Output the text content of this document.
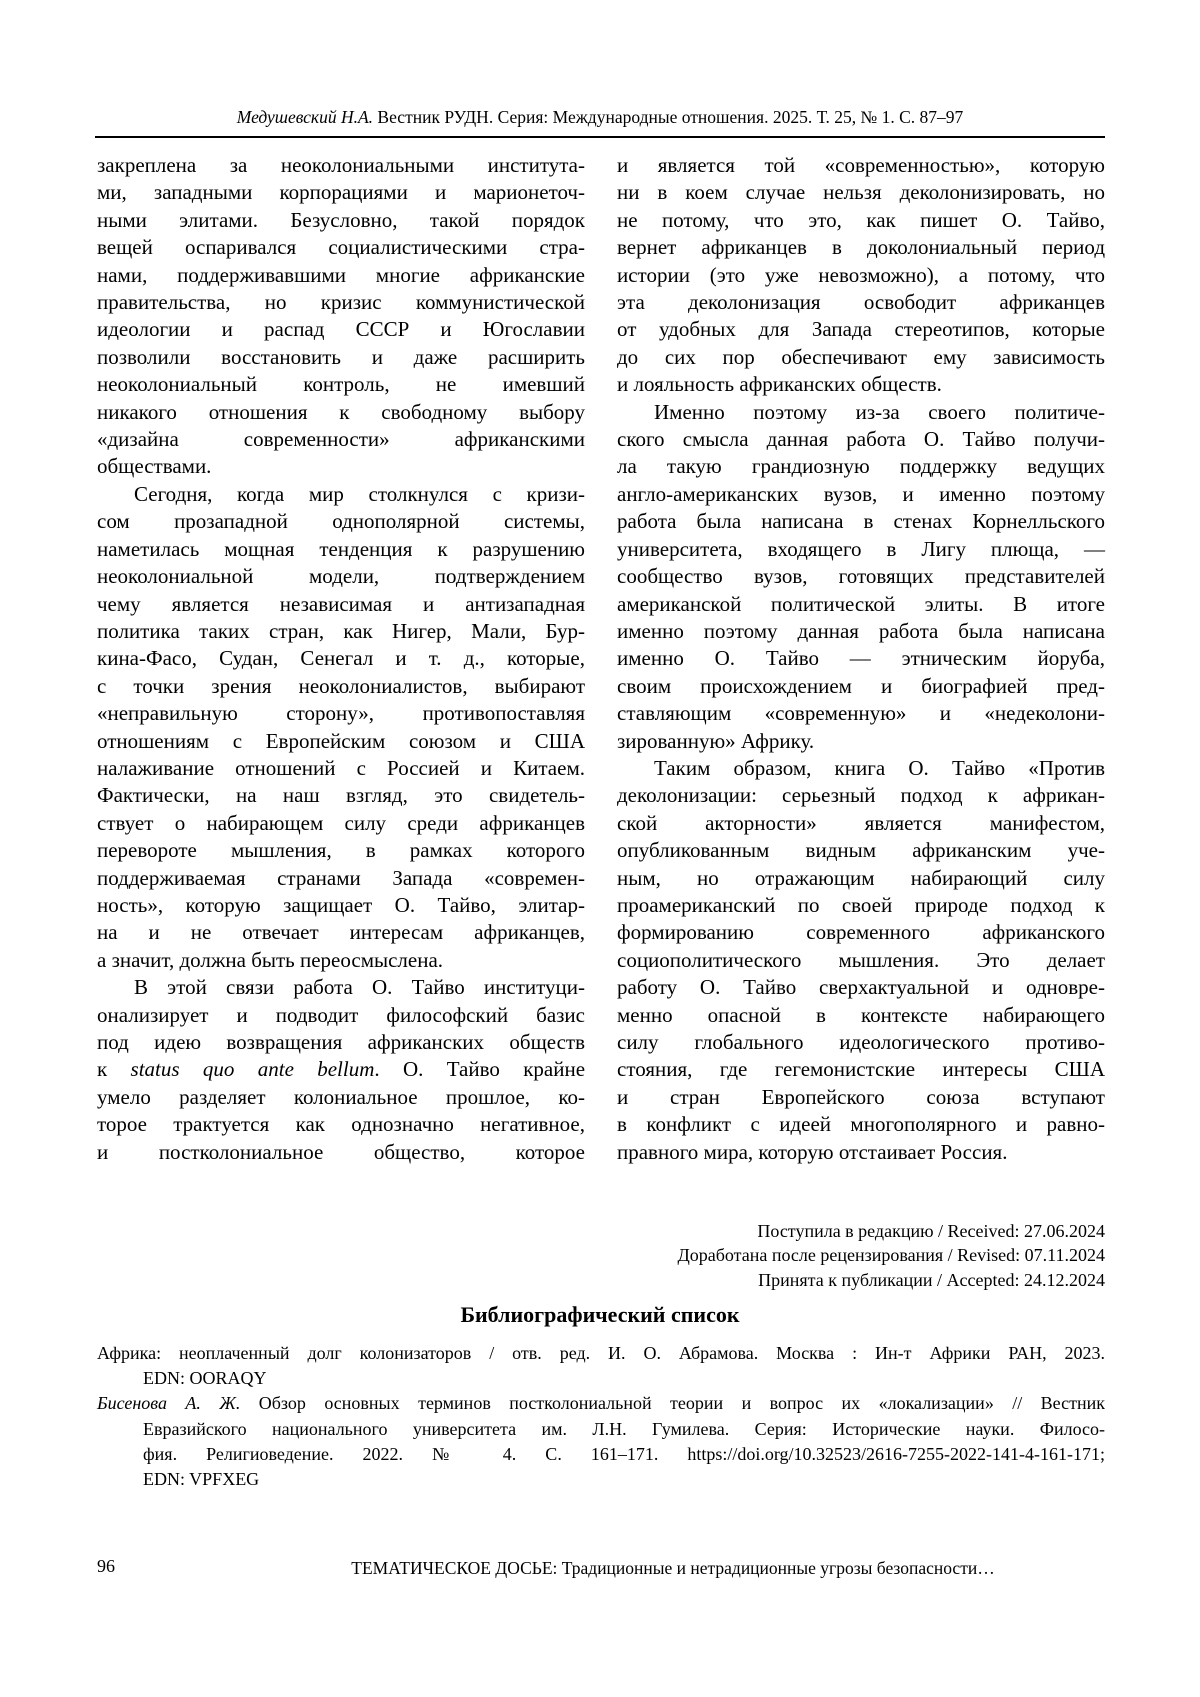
Медушевский Н.А. Вестник РУДН. Серия: Международные отношения. 2025. Т. 25, № 1. С. 87–97
закреплена за неоколониальными института-
ми, западными корпорациями и марионеточ-
ными элитами. Безусловно, такой порядок
вещей оспаривался социалистическими стра-
нами, поддерживавшими многие африканские
правительства, но кризис коммунистической
идеологии и распад СССР и Югославии
позволили восстановить и даже расширить
неоколониальный контроль, не имевший
никакого отношения к свободному выбору
«дизайна современности» африканскими
обществами.
Сегодня, когда мир столкнулся с кризи-
сом прозападной однополярной системы,
наметилась мощная тенденция к разрушению
неоколониальной модели, подтверждением
чему является независимая и антизападная
политика таких стран, как Нигер, Мали, Бур-
кина-Фасо, Судан, Сенегал и т. д., которые,
с точки зрения неоколониалистов, выбирают
«неправильную сторону», противопоставляя
отношениям с Европейским союзом и США
налаживание отношений с Россией и Китаем.
Фактически, на наш взгляд, это свидетель-
ствует о набирающем силу среди африканцев
перевороте мышления, в рамках которого
поддерживаемая странами Запада «современ-
ность», которую защищает О. Тайво, элитар-
на и не отвечает интересам африканцев,
а значит, должна быть переосмыслена.
В этой связи работа О. Тайво институци-
онализирует и подводит философский базис
под идею возвращения африканских обществ
к status quo ante bellum. О. Тайво крайне
умело разделяет колониальное прошлое, ко-
торое трактуется как однозначно негативное,
и постколониальное общество, которое
и является той «современностью», которую
ни в коем случае нельзя деколонизировать, но
не потому, что это, как пишет О. Тайво,
вернет африканцев в доколониальный период
истории (это уже невозможно), а потому, что
эта деколонизация освободит африканцев
от удобных для Запада стереотипов, которые
до сих пор обеспечивают ему зависимость
и лояльность африканских обществ.
Именно поэтому из-за своего политиче-
ского смысла данная работа О. Тайво получи-
ла такую грандиозную поддержку ведущих
англо-американских вузов, и именно поэтому
работа была написана в стенах Корнелльского
университета, входящего в Лигу плюща, —
сообщество вузов, готовящих представителей
американской политической элиты. В итоге
именно поэтому данная работа была написана
именно О. Тайво — этническим йоруба,
своим происхождением и биографией пред-
ставляющим «современную» и «недеколони-
зированную» Африку.
Таким образом, книга О. Тайво «Против
деколонизации: серьезный подход к африкан-
ской акторности» является манифестом,
опубликованным видным африканским уче-
ным, но отражающим набирающий силу
проамериканский по своей природе подход к
формированию современного африканского
социополитического мышления. Это делает
работу О. Тайво сверхактуальной и одновре-
менно опасной в контексте набирающего
силу глобального идеологического противо-
стояния, где гегемонистские интересы США
и стран Европейского союза вступают
в конфликт с идеей многополярного и равно-
правного мира, которую отстаивает Россия.
Поступила в редакцию / Received: 27.06.2024
Доработана после рецензирования / Revised: 07.11.2024
Принята к публикации / Accepted: 24.12.2024
Библиографический список
Африка: неоплаченный долг колонизаторов / отв. ред. И. О. Абрамова. Москва : Ин-т Африки РАН, 2023.
EDN: OORAQY
Бисенова А. Ж. Обзор основных терминов постколониальной теории и вопрос их «локализации» // Вестник
Евразийского национального университета им. Л.Н. Гумилева. Серия: Исторические науки. Филосо-
фия. Религиоведение. 2022. № 4. С. 161–171. https://doi.org/10.32523/2616-7255-2022-141-4-161-171;
EDN: VPFXEG
96	ТЕМАТИЧЕСКОЕ ДОСЬЕ: Традиционные и нетрадиционные угрозы безопасности…
